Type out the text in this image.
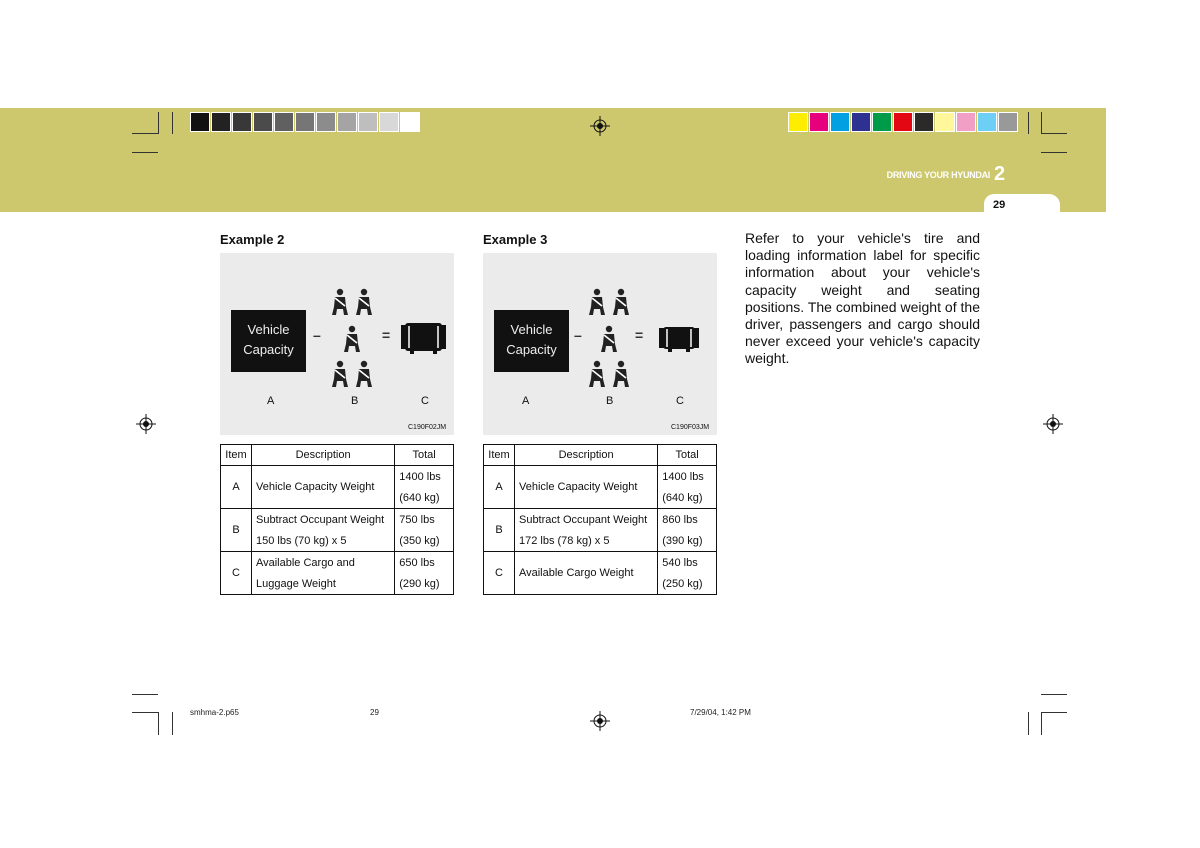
DRIVING YOUR HYUNDAI 2
29
Example 2	Example 3
Vehicle
Capacity
–	=
A	B	C
C190F02JM
Vehicle
Capacity
–	=
A	B	C
C190F03JM
Item	Description	Total
A	Vehicle Capacity Weight	1400 lbs
		(640 kg)
B	Subtract Occupant Weight	750 lbs
	150 lbs (70 kg) x 5	(350 kg)
C	Available Cargo and	650 lbs
	Luggage Weight	(290 kg)
Item	Description	Total
A	Vehicle Capacity Weight	1400 lbs
		(640 kg)
B	Subtract Occupant Weight	860 lbs
	172 lbs (78 kg) x 5	(390 kg)
C	Available Cargo Weight	540 lbs
		(250 kg)
Refer to your vehicle's tire and loading information label for specific information about your vehicle's capacity weight and seating positions. The combined weight of the driver, passengers and cargo should never exceed your vehicle's capacity weight.
smhma-2.p65	29	7/29/04, 1:42 PM
